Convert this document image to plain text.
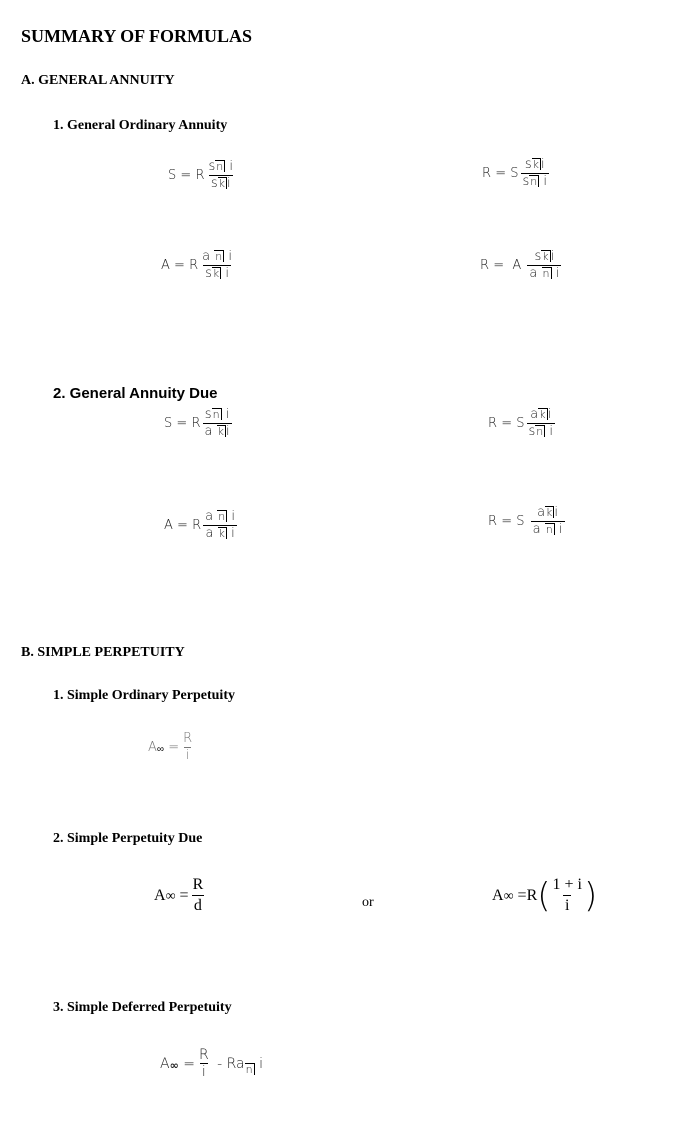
SUMMARY OF FORMULAS
A. GENERAL ANNUITY
1. General Ordinary Annuity
2. General Annuity Due
B. SIMPLE PERPETUITY
1. Simple Ordinary Perpetuity
2. Simple Perpetuity Due
3. Simple Deferred Perpetuity
S
=
R $\frac{\text{sn i}}{\text{sk i}}$	R
=
S $\frac{\text{sk i}}{\text{sn i}}$
A
=
R $\frac{\text{a n i}}{\text{sk i}}$	R
=
A
$\frac{\text{sk i}}{\text{a n i}}$
S
=
R $\frac{\text{sn i}}{\text{a k i}}$	R
=
S $\frac{\text{ak i}}{\text{sn i}}$
A
=
R $\frac{\text{a n i}}{\text{a k i}}$	R
=
S
$\frac{\text{ak i}}{\text{a n i}}$
A ∞
= $\frac{R}{i}$
A ∞
= $\frac{R}{d}$	or	A ∞
= R ( $\frac{1 + i}{i}$ )
A ∞
= $\frac{R}{i}$
-
Ra n
i
